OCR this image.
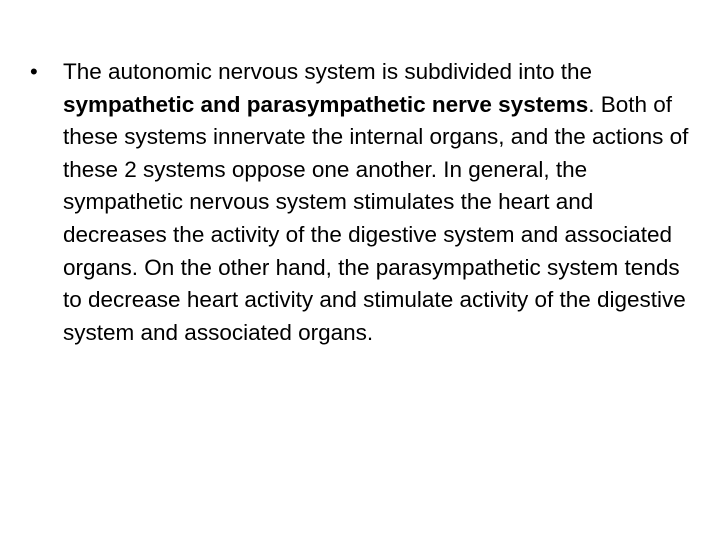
•	The autonomic nervous system is subdivided into the sympathetic and parasympathetic nerve systems. Both of these systems innervate the internal organs, and the actions of these 2 systems oppose one another. In general, the sympathetic nervous system stimulates the heart and decreases the activity of the digestive system and associated organs. On the other hand, the parasympathetic system tends to decrease heart activity and stimulate activity of the digestive system and associated organs.
